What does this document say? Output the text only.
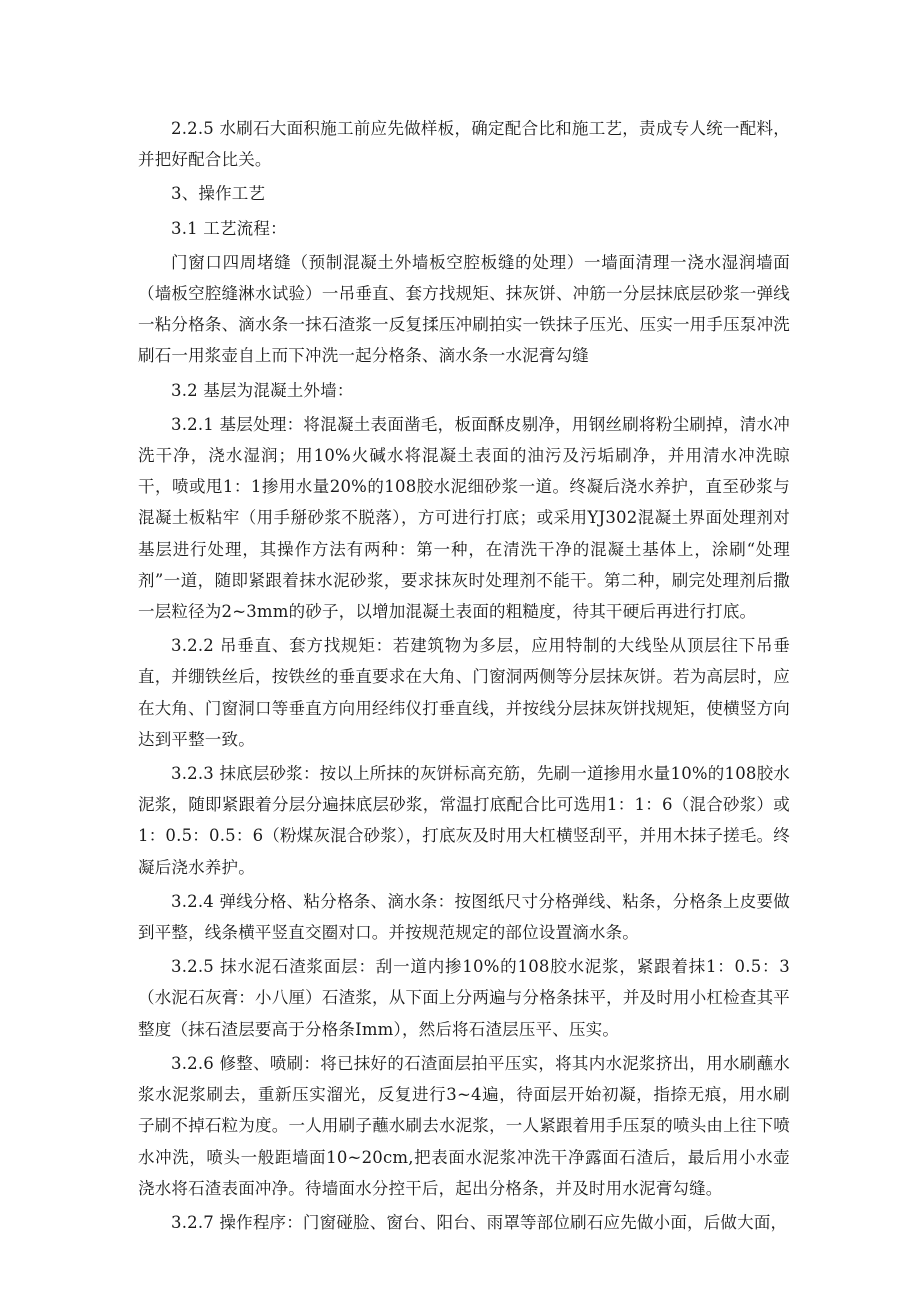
2.2.5 水刷石大面积施工前应先做样板，确定配合比和施工艺，责成专人统一配料，并把好配合比关。

3、操作工艺

3.1 工艺流程：

门窗口四周堵缝（预制混凝土外墙板空腔板缝的处理）一墙面清理一浇水湿润墙面（墙板空腔缝淋水试验）一吊垂直、套方找规矩、抹灰饼、冲筋一分层抹底层砂浆一弹线一粘分格条、滴水条一抹石渣浆一反复揉压冲刷拍实一铁抹子压光、压实一用手压泵冲洗刷石一用浆壶自上而下冲洗一起分格条、滴水条一水泥膏勾缝

3.2 基层为混凝土外墙：

3.2.1 基层处理：将混凝土表面凿毛，板面酥皮剔净，用钢丝刷将粉尘刷掉，清水冲洗干净，浇水湿润；用10%火碱水将混凝土表面的油污及污垢刷净，并用清水冲洗晾干，喷或甩1：1掺用水量20%的108胶水泥细砂浆一道。终凝后浇水养护，直至砂浆与混凝土板粘牢（用手掰砂浆不脱落），方可进行打底；或采用YJ302混凝土界面处理剂对基层进行处理，其操作方法有两种：第一种，在清洗干净的混凝土基体上，涂刷“处理剂”一道，随即紧跟着抹水泥砂浆，要求抹灰时处理剂不能干。第二种，刷完处理剂后撒一层粒径为2~3mm的砂子，以增加混凝土表面的粗糙度，待其干硬后再进行打底。

3.2.2 吊垂直、套方找规矩：若建筑物为多层，应用特制的大线坠从顶层往下吊垂直，并绷铁丝后，按铁丝的垂直要求在大角、门窗洞两侧等分层抹灰饼。若为高层时，应在大角、门窗洞口等垂直方向用经纬仪打垂直线，并按线分层抹灰饼找规矩，使横竖方向达到平整一致。

3.2.3 抹底层砂浆：按以上所抹的灰饼标高充筋，先刷一道掺用水量10%的108胶水泥浆，随即紧跟着分层分遍抹底层砂浆，常温打底配合比可选用1：1：6（混合砂浆）或1：0.5：0.5：6（粉煤灰混合砂浆），打底灰及时用大杠横竖刮平，并用木抹子搓毛。终凝后浇水养护。

3.2.4 弹线分格、粘分格条、滴水条：按图纸尺寸分格弹线、粘条，分格条上皮要做到平整，线条横平竖直交圈对口。并按规范规定的部位设置滴水条。

3.2.5 抹水泥石渣浆面层：刮一道内掺10%的108胶水泥浆，紧跟着抹1：0.5：3（水泥石灰膏：小八厘）石渣浆，从下面上分两遍与分格条抹平，并及时用小杠检查其平整度（抹石渣层要高于分格条Imm），然后将石渣层压平、压实。

3.2.6 修整、喷刷：将已抹好的石渣面层拍平压实，将其内水泥浆挤出，用水刷蘸水浆水泥浆刷去，重新压实溜光，反复进行3~4遍，待面层开始初凝，指捺无痕，用水刷子刷不掉石粒为度。一人用刷子蘸水刷去水泥浆，一人紧跟着用手压泵的喷头由上往下喷水冲洗，喷头一般距墙面10~20cm,把表面水泥浆冲洗干净露面石渣后，最后用小水壶浇水将石渣表面冲净。待墙面水分控干后，起出分格条，并及时用水泥膏勾缝。

3.2.7 操作程序：门窗碰脸、窗台、阳台、雨罩等部位刷石应先做小面，后做大面，
